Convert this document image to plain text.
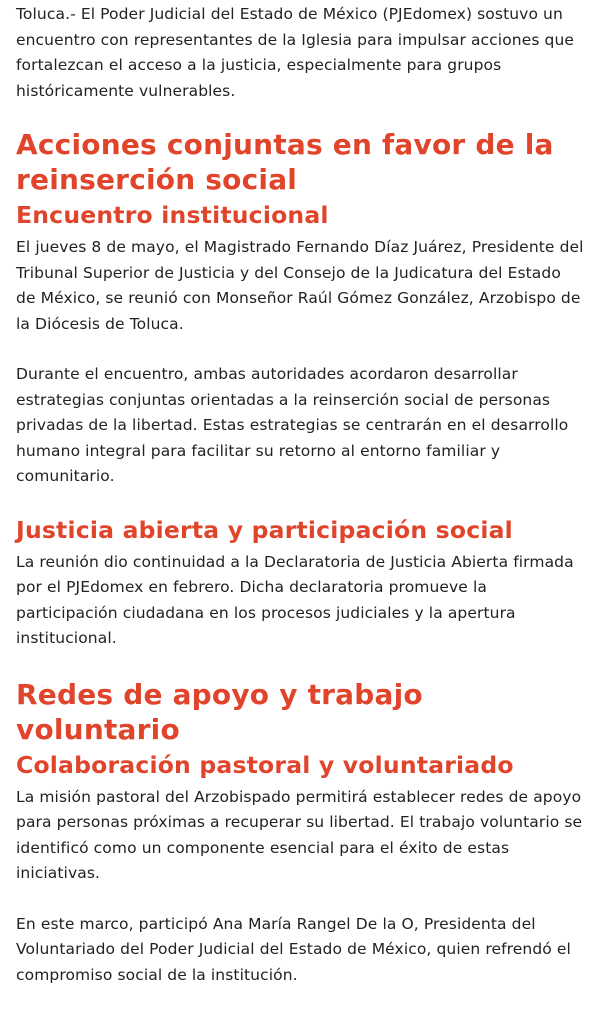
Toluca.- El Poder Judicial del Estado de México (PJEdomex) sostuvo un encuentro con representantes de la Iglesia para impulsar acciones que fortalezcan el acceso a la justicia, especialmente para grupos históricamente vulnerables.

Acciones conjuntas en favor de la reinserción social
Encuentro institucional

El jueves 8 de mayo, el Magistrado Fernando Díaz Juárez, Presidente del Tribunal Superior de Justicia y del Consejo de la Judicatura del Estado de México, se reunió con Monseñor Raúl Gómez González, Arzobispo de la Diócesis de Toluca.

Durante el encuentro, ambas autoridades acordaron desarrollar estrategias conjuntas orientadas a la reinserción social de personas privadas de la libertad. Estas estrategias se centrarán en el desarrollo humano integral para facilitar su retorno al entorno familiar y comunitario.

Justicia abierta y participación social

La reunión dio continuidad a la Declaratoria de Justicia Abierta firmada por el PJEdomex en febrero. Dicha declaratoria promueve la participación ciudadana en los procesos judiciales y la apertura institucional.

Redes de apoyo y trabajo voluntario
Colaboración pastoral y voluntariado

La misión pastoral del Arzobispado permitirá establecer redes de apoyo para personas próximas a recuperar su libertad. El trabajo voluntario se identificó como un componente esencial para el éxito de estas iniciativas.

En este marco, participó Ana María Rangel De la O, Presidenta del Voluntariado del Poder Judicial del Estado de México, quien refrendó el compromiso social de la institución.
